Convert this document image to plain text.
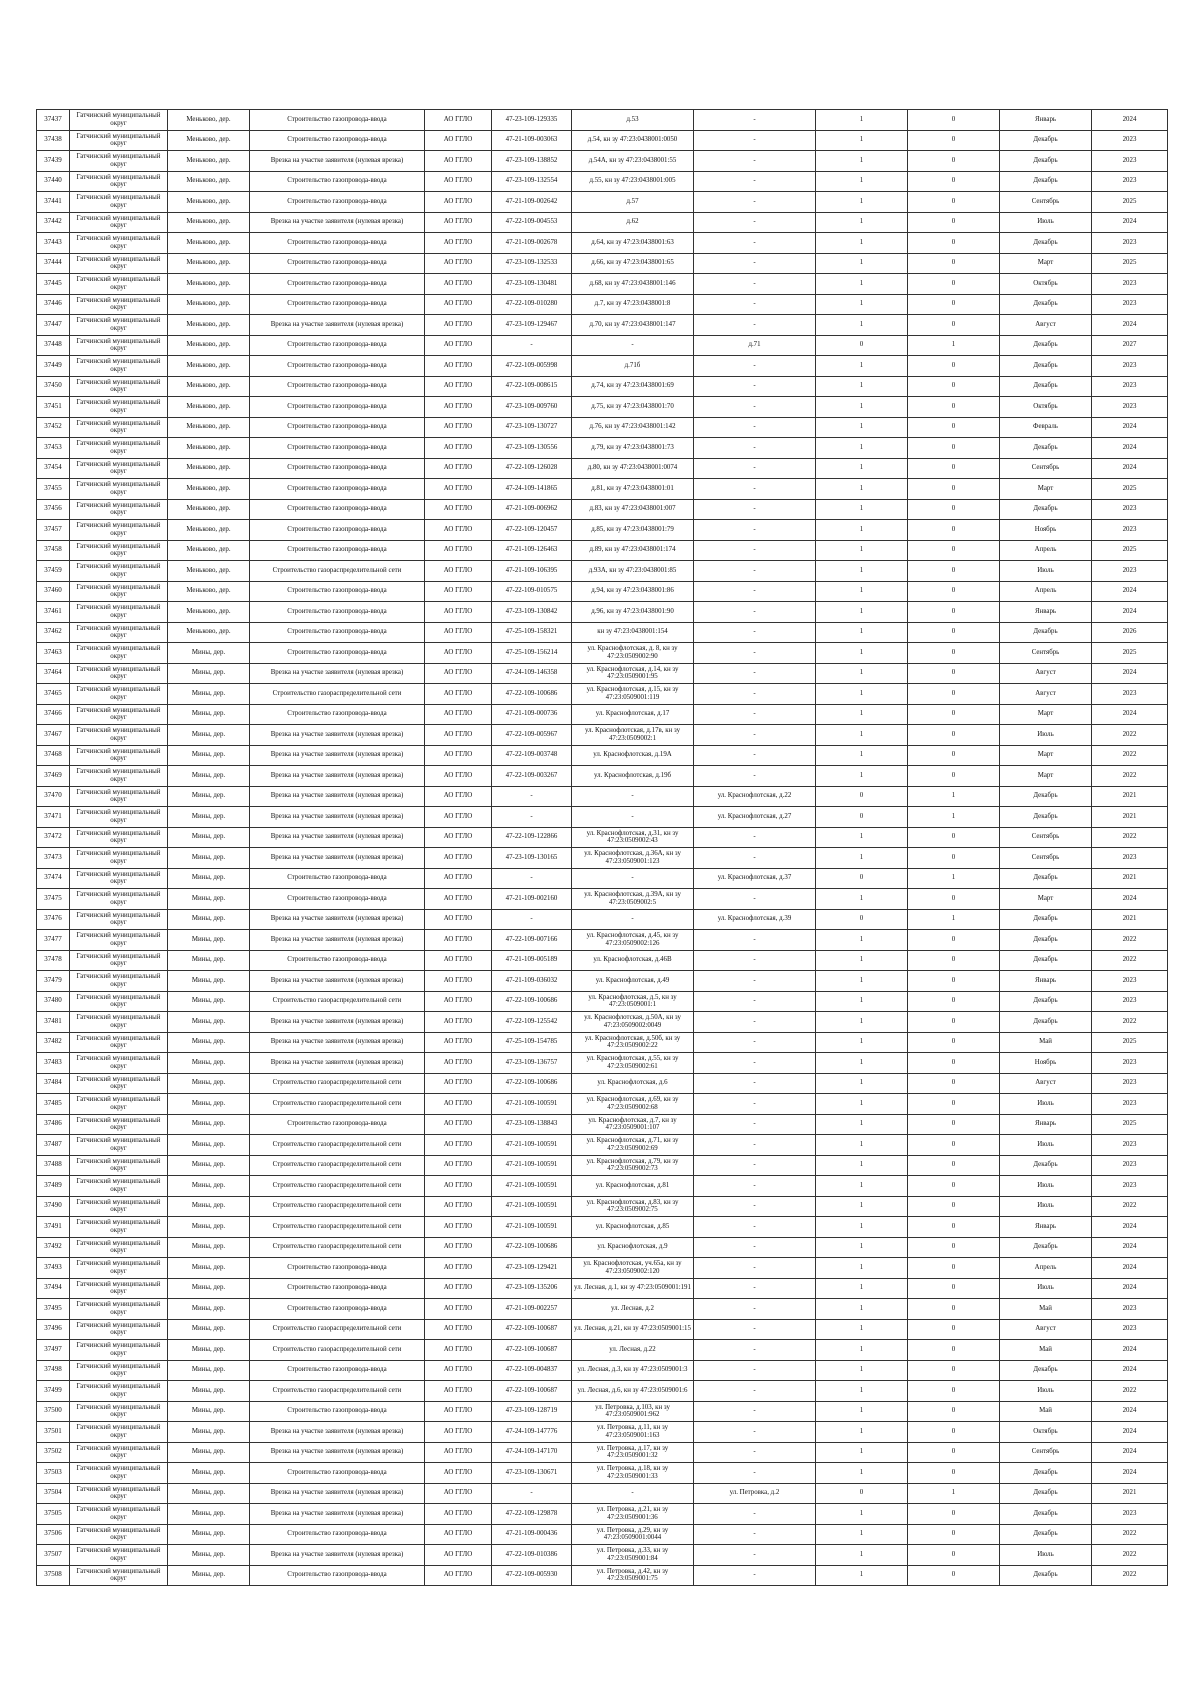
37437	Гатчинский муниципальный округ	Меньково, дер.	Строительство газопровода-ввода	АО ГГЛО	47-23-109-129335	д.53	-	1	0	Январь	2024
37438	Гатчинский муниципальный округ	Меньково, дер.	Строительство газопровода-ввода	АО ГГЛО	47-21-109-003063	д.54, кн зу 47:23:0438001:0050	-	1	0	Декабрь	2023
37439	Гатчинский муниципальный округ	Меньково, дер.	Врезка на участке заявителя (нулевая врезка)	АО ГГЛО	47-23-109-138852	д.54А, кн зу 47:23:0438001:55	-	1	0	Декабрь	2023
37440	Гатчинский муниципальный округ	Меньково, дер.	Строительство газопровода-ввода	АО ГГЛО	47-23-109-132554	д.55, кн зу 47:23:0438001:005	-	1	0	Декабрь	2023
37441	Гатчинский муниципальный округ	Меньково, дер.	Строительство газопровода-ввода	АО ГГЛО	47-21-109-002642	д.57	-	1	0	Сентябрь	2025
37442	Гатчинский муниципальный округ	Меньково, дер.	Врезка на участке заявителя (нулевая врезка)	АО ГГЛО	47-22-109-004553	д.62	-	1	0	Июль	2024
37443	Гатчинский муниципальный округ	Меньково, дер.	Строительство газопровода-ввода	АО ГГЛО	47-21-109-002678	д.64, кн зу 47:23:0438001:63	-	1	0	Декабрь	2023
37444	Гатчинский муниципальный округ	Меньково, дер.	Строительство газопровода-ввода	АО ГГЛО	47-23-109-132533	д.66, кн зу 47:23:0438001:65	-	1	0	Март	2025
37445	Гатчинский муниципальный округ	Меньково, дер.	Строительство газопровода-ввода	АО ГГЛО	47-23-109-130481	д.68, кн зу 47:23:0438001:146	-	1	0	Октябрь	2023
37446	Гатчинский муниципальный округ	Меньково, дер.	Строительство газопровода-ввода	АО ГГЛО	47-22-109-010280	д.7, кн зу 47:23:0438001:8	-	1	0	Декабрь	2023
37447	Гатчинский муниципальный округ	Меньково, дер.	Врезка на участке заявителя (нулевая врезка)	АО ГГЛО	47-23-109-129467	д.70, кн зу 47:23:0438001:147	-	1	0	Август	2024
37448	Гатчинский муниципальный округ	Меньково, дер.	Строительство газопровода-ввода	АО ГГЛО	-	-	д.71	0	1	Декабрь	2027
37449	Гатчинский муниципальный округ	Меньково, дер.	Строительство газопровода-ввода	АО ГГЛО	47-22-109-005998	д.71б	-	1	0	Декабрь	2023
37450	Гатчинский муниципальный округ	Меньково, дер.	Строительство газопровода-ввода	АО ГГЛО	47-22-109-008615	д.74, кн зу 47:23:0438001:69	-	1	0	Декабрь	2023
37451	Гатчинский муниципальный округ	Меньково, дер.	Строительство газопровода-ввода	АО ГГЛО	47-23-109-009760	д.75, кн зу 47:23:0438001:70	-	1	0	Октябрь	2023
37452	Гатчинский муниципальный округ	Меньково, дер.	Строительство газопровода-ввода	АО ГГЛО	47-23-109-130727	д.76, кн зу 47:23:0438001:142	-	1	0	Февраль	2024
37453	Гатчинский муниципальный округ	Меньково, дер.	Строительство газопровода-ввода	АО ГГЛО	47-23-109-130556	д.79, кн зу 47:23:0438001:73	-	1	0	Декабрь	2024
37454	Гатчинский муниципальный округ	Меньково, дер.	Строительство газопровода-ввода	АО ГГЛО	47-22-109-126028	д.80, кн зу 47:23:0438001:0074	-	1	0	Сентябрь	2024
37455	Гатчинский муниципальный округ	Меньково, дер.	Строительство газопровода-ввода	АО ГГЛО	47-24-109-141865	д.81, кн зу 47:23:0438001:01	-	1	0	Март	2025
37456	Гатчинский муниципальный округ	Меньково, дер.	Строительство газопровода-ввода	АО ГГЛО	47-21-109-006962	д.83, кн зу 47:23:0438001:007	-	1	0	Декабрь	2023
37457	Гатчинский муниципальный округ	Меньково, дер.	Строительство газопровода-ввода	АО ГГЛО	47-22-109-120457	д.85, кн зу 47:23:0438001:79	-	1	0	Ноябрь	2023
37458	Гатчинский муниципальный округ	Меньково, дер.	Строительство газопровода-ввода	АО ГГЛО	47-21-109-126463	д.89, кн зу 47:23:0438001:174	-	1	0	Апрель	2025
37459	Гатчинский муниципальный округ	Меньково, дер.	Строительство газораспределительной сети	АО ГГЛО	47-21-109-106395	д.93А, кн зу 47:23:0438001:85	-	1	0	Июль	2023
37460	Гатчинский муниципальный округ	Меньково, дер.	Строительство газопровода-ввода	АО ГГЛО	47-22-109-010575	д.94, кн зу 47:23:0438001:86	-	1	0	Апрель	2024
37461	Гатчинский муниципальный округ	Меньково, дер.	Строительство газопровода-ввода	АО ГГЛО	47-23-109-130842	д.96, кн зу 47:23:0438001:90	-	1	0	Январь	2024
37462	Гатчинский муниципальный округ	Меньково, дер.	Строительство газопровода-ввода	АО ГГЛО	47-25-109-158321	кн зу 47:23:0438001:154	-	1	0	Декабрь	2026
37463	Гатчинский муниципальный округ	Мины, дер.	Строительство газопровода-ввода	АО ГГЛО	47-25-109-156214	ул. Краснофлотская, д. 8, кн зу 47:23:0509002:90	-	1	0	Сентябрь	2025
37464	Гатчинский муниципальный округ	Мины, дер.	Врезка на участке заявителя (нулевая врезка)	АО ГГЛО	47-24-109-146358	ул. Краснофлотская, д.14, кн зу 47:23:0509001:95	-	1	0	Август	2024
37465	Гатчинский муниципальный округ	Мины, дер.	Строительство газораспределительной сети	АО ГГЛО	47-22-109-100686	ул. Краснофлотская, д.15, кн зу 47:23:0509001:119	-	1	0	Август	2023
37466	Гатчинский муниципальный округ	Мины, дер.	Строительство газопровода-ввода	АО ГГЛО	47-21-109-000736	ул. Краснофлотская, д.17	-	1	0	Март	2024
37467	Гатчинский муниципальный округ	Мины, дер.	Врезка на участке заявителя (нулевая врезка)	АО ГГЛО	47-22-109-005967	ул. Краснофлотская, д.17в, кн зу 47:23:0509002:1	-	1	0	Июль	2022
37468	Гатчинский муниципальный округ	Мины, дер.	Врезка на участке заявителя (нулевая врезка)	АО ГГЛО	47-22-109-003748	ул. Краснофлотская, д.19А	-	1	0	Март	2022
37469	Гатчинский муниципальный округ	Мины, дер.	Врезка на участке заявителя (нулевая врезка)	АО ГГЛО	47-22-109-003267	ул. Краснофлотская, д.19б	-	1	0	Март	2022
37470	Гатчинский муниципальный округ	Мины, дер.	Врезка на участке заявителя (нулевая врезка)	АО ГГЛО	-	-	ул. Краснофлотская, д.22	0	1	Декабрь	2021
37471	Гатчинский муниципальный округ	Мины, дер.	Врезка на участке заявителя (нулевая врезка)	АО ГГЛО	-	-	ул. Краснофлотская, д.27	0	1	Декабрь	2021
37472	Гатчинский муниципальный округ	Мины, дер.	Врезка на участке заявителя (нулевая врезка)	АО ГГЛО	47-22-109-122866	ул. Краснофлотская, д.31, кн зу 47:23:0509002:43	-	1	0	Сентябрь	2022
37473	Гатчинский муниципальный округ	Мины, дер.	Врезка на участке заявителя (нулевая врезка)	АО ГГЛО	47-23-109-130165	ул. Краснофлотская, д.36А, кн зу 47:23:0509001:123	-	1	0	Сентябрь	2023
37474	Гатчинский муниципальный округ	Мины, дер.	Строительство газопровода-ввода	АО ГГЛО	-	-	ул. Краснофлотская, д.37	0	1	Декабрь	2021
37475	Гатчинский муниципальный округ	Мины, дер.	Строительство газопровода-ввода	АО ГГЛО	47-21-109-002160	ул. Краснофлотская, д.39А, кн зу 47:23:0509002:5	-	1	0	Март	2024
37476	Гатчинский муниципальный округ	Мины, дер.	Врезка на участке заявителя (нулевая врезка)	АО ГГЛО	-	-	ул. Краснофлотская, д.39	0	1	Декабрь	2021
37477	Гатчинский муниципальный округ	Мины, дер.	Врезка на участке заявителя (нулевая врезка)	АО ГГЛО	47-22-109-007166	ул. Краснофлотская, д.45, кн зу 47:23:0509002:126	-	1	0	Декабрь	2022
37478	Гатчинский муниципальный округ	Мины, дер.	Строительство газопровода-ввода	АО ГГЛО	47-21-109-005189	ул. Краснофлотская, д.46В	-	1	0	Декабрь	2022
37479	Гатчинский муниципальный округ	Мины, дер.	Врезка на участке заявителя (нулевая врезка)	АО ГГЛО	47-21-109-036032	ул. Краснофлотская, д.49	-	1	0	Январь	2023
37480	Гатчинский муниципальный округ	Мины, дер.	Строительство газораспределительной сети	АО ГГЛО	47-22-109-100686	ул. Краснофлотская, д.5, кн зу 47:23:0509001:1	-	1	0	Декабрь	2023
37481	Гатчинский муниципальный округ	Мины, дер.	Врезка на участке заявителя (нулевая врезка)	АО ГГЛО	47-22-109-125542	ул. Краснофлотская, д.50А, кн зу 47:23:0509002:0049	-	1	0	Декабрь	2022
37482	Гатчинский муниципальный округ	Мины, дер.	Врезка на участке заявителя (нулевая врезка)	АО ГГЛО	47-25-109-154785	ул. Краснофлотская, д.50б, кн зу 47:23:0509002:22	-	1	0	Май	2025
37483	Гатчинский муниципальный округ	Мины, дер.	Врезка на участке заявителя (нулевая врезка)	АО ГГЛО	47-23-109-136757	ул. Краснофлотская, д.55, кн зу 47:23:0509002:61	-	1	0	Ноябрь	2023
37484	Гатчинский муниципальный округ	Мины, дер.	Строительство газораспределительной сети	АО ГГЛО	47-22-109-100686	ул. Краснофлотская, д.6	-	1	0	Август	2023
37485	Гатчинский муниципальный округ	Мины, дер.	Строительство газораспределительной сети	АО ГГЛО	47-21-109-100591	ул. Краснофлотская, д.69, кн зу 47:23:0509002:68	-	1	0	Июль	2023
37486	Гатчинский муниципальный округ	Мины, дер.	Строительство газопровода-ввода	АО ГГЛО	47-23-109-138843	ул. Краснофлотская, д.7, кн зу 47:23:0509001:107	-	1	0	Январь	2025
37487	Гатчинский муниципальный округ	Мины, дер.	Строительство газораспределительной сети	АО ГГЛО	47-21-109-100591	ул. Краснофлотская, д.71, кн зу 47:23:0509002:69	-	1	0	Июль	2023
37488	Гатчинский муниципальный округ	Мины, дер.	Строительство газораспределительной сети	АО ГГЛО	47-21-109-100591	ул. Краснофлотская, д.79, кн зу 47:23:0509002:73	-	1	0	Декабрь	2023
37489	Гатчинский муниципальный округ	Мины, дер.	Строительство газораспределительной сети	АО ГГЛО	47-21-109-100591	ул. Краснофлотская, д.81	-	1	0	Июль	2023
37490	Гатчинский муниципальный округ	Мины, дер.	Строительство газораспределительной сети	АО ГГЛО	47-21-109-100591	ул. Краснофлотская, д.83, кн зу 47:23:0509002:75	-	1	0	Июль	2022
37491	Гатчинский муниципальный округ	Мины, дер.	Строительство газораспределительной сети	АО ГГЛО	47-21-109-100591	ул. Краснофлотская, д.85	-	1	0	Январь	2024
37492	Гатчинский муниципальный округ	Мины, дер.	Строительство газораспределительной сети	АО ГГЛО	47-22-109-100686	ул. Краснофлотская, д.9	-	1	0	Декабрь	2024
37493	Гатчинский муниципальный округ	Мины, дер.	Строительство газопровода-ввода	АО ГГЛО	47-23-109-129421	ул. Краснофлотская, уч.65а, кн зу 47:23:0509002:120	-	1	0	Апрель	2024
37494	Гатчинский муниципальный округ	Мины, дер.	Строительство газопровода-ввода	АО ГГЛО	47-23-109-135206	ул. Лесная, д.1, кн зу 47:23:0509001:191	-	1	0	Июль	2024
37495	Гатчинский муниципальный округ	Мины, дер.	Строительство газопровода-ввода	АО ГГЛО	47-21-109-002257	ул. Лесная, д.2	-	1	0	Май	2023
37496	Гатчинский муниципальный округ	Мины, дер.	Строительство газораспределительной сети	АО ГГЛО	47-22-109-100687	ул. Лесная, д.21, кн зу 47:23:0509001:15	-	1	0	Август	2023
37497	Гатчинский муниципальный округ	Мины, дер.	Строительство газораспределительной сети	АО ГГЛО	47-22-109-100687	ул. Лесная, д.22	-	1	0	Май	2024
37498	Гатчинский муниципальный округ	Мины, дер.	Строительство газопровода-ввода	АО ГГЛО	47-22-109-004837	ул. Лесная, д.3, кн зу 47:23:0509001:3	-	1	0	Декабрь	2024
37499	Гатчинский муниципальный округ	Мины, дер.	Строительство газораспределительной сети	АО ГГЛО	47-22-109-100687	ул. Лесная, д.6, кн зу 47:23:0509001:6	-	1	0	Июль	2022
37500	Гатчинский муниципальный округ	Мины, дер.	Строительство газопровода-ввода	АО ГГЛО	47-23-109-128719	ул. Петровка, д.103, кн зу 47:23:0509001:962	-	1	0	Май	2024
37501	Гатчинский муниципальный округ	Мины, дер.	Врезка на участке заявителя (нулевая врезка)	АО ГГЛО	47-24-109-147776	ул. Петровка, д.11, кн зу 47:23:0509001:163	-	1	0	Октябрь	2024
37502	Гатчинский муниципальный округ	Мины, дер.	Врезка на участке заявителя (нулевая врезка)	АО ГГЛО	47-24-109-147170	ул. Петровка, д.17, кн зу 47:23:0509001:32	-	1	0	Сентябрь	2024
37503	Гатчинский муниципальный округ	Мины, дер.	Строительство газопровода-ввода	АО ГГЛО	47-23-109-130671	ул. Петровка, д.18, кн зу 47:23:0509001:33	-	1	0	Декабрь	2024
37504	Гатчинский муниципальный округ	Мины, дер.	Врезка на участке заявителя (нулевая врезка)	АО ГГЛО	-	-	ул. Петровка, д.2	0	1	Декабрь	2021
37505	Гатчинский муниципальный округ	Мины, дер.	Врезка на участке заявителя (нулевая врезка)	АО ГГЛО	47-22-109-129878	ул. Петровка, д.21, кн зу 47:23:0509001:36	-	1	0	Декабрь	2023
37506	Гатчинский муниципальный округ	Мины, дер.	Строительство газопровода-ввода	АО ГГЛО	47-21-109-000436	ул. Петровка, д.29, кн зу 47:23:0509001:0044	-	1	0	Декабрь	2022
37507	Гатчинский муниципальный округ	Мины, дер.	Врезка на участке заявителя (нулевая врезка)	АО ГГЛО	47-22-109-010386	ул. Петровка, д.33, кн зу 47:23:0509001:84	-	1	0	Июль	2022
37508	Гатчинский муниципальный округ	Мины, дер.	Строительство газопровода-ввода	АО ГГЛО	47-22-109-005930	ул. Петровка, д.42, кн зу 47:23:0509001:75	-	1	0	Декабрь	2022
